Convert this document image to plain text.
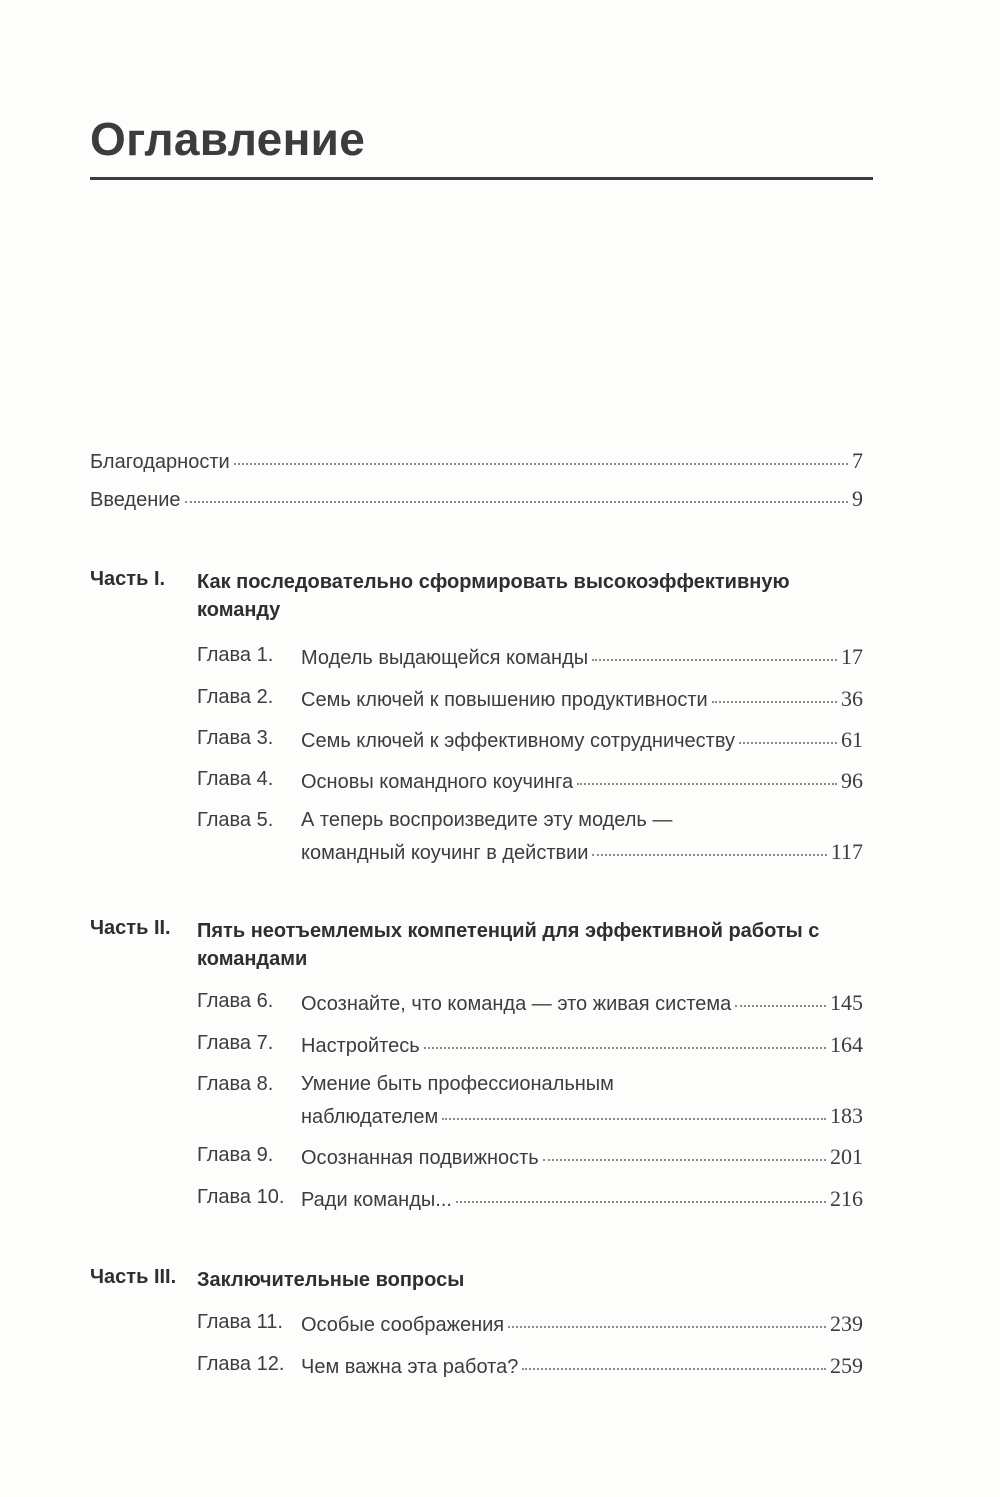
Оглавление
Благодарности	7
Введение	9
Часть I. Как последовательно сформировать высокоэффективную командy
Глава 1. Модель выдающейся команды	17
Глава 2. Семь ключей к повышению продуктивности	36
Глава 3. Семь ключей к эффективному сотрудничеству	61
Глава 4. Основы командного коучинга	96
Глава 5. А теперь воспроизведите эту модель —
командный коучинг в действии	117
Часть II. Пять неотъемлемых компетенций для эффективной работы с командами
Глава 6. Осознайте, что команда — это живая система	145
Глава 7. Настройтесь	164
Глава 8. Умение быть профессиональным
наблюдателем	183
Глава 9. Осознанная подвижность	201
Глава 10. Ради команды...	216
Часть III. Заключительные вопросы
Глава 11. Особые соображения	239
Глава 12. Чем важна эта работа?	259
